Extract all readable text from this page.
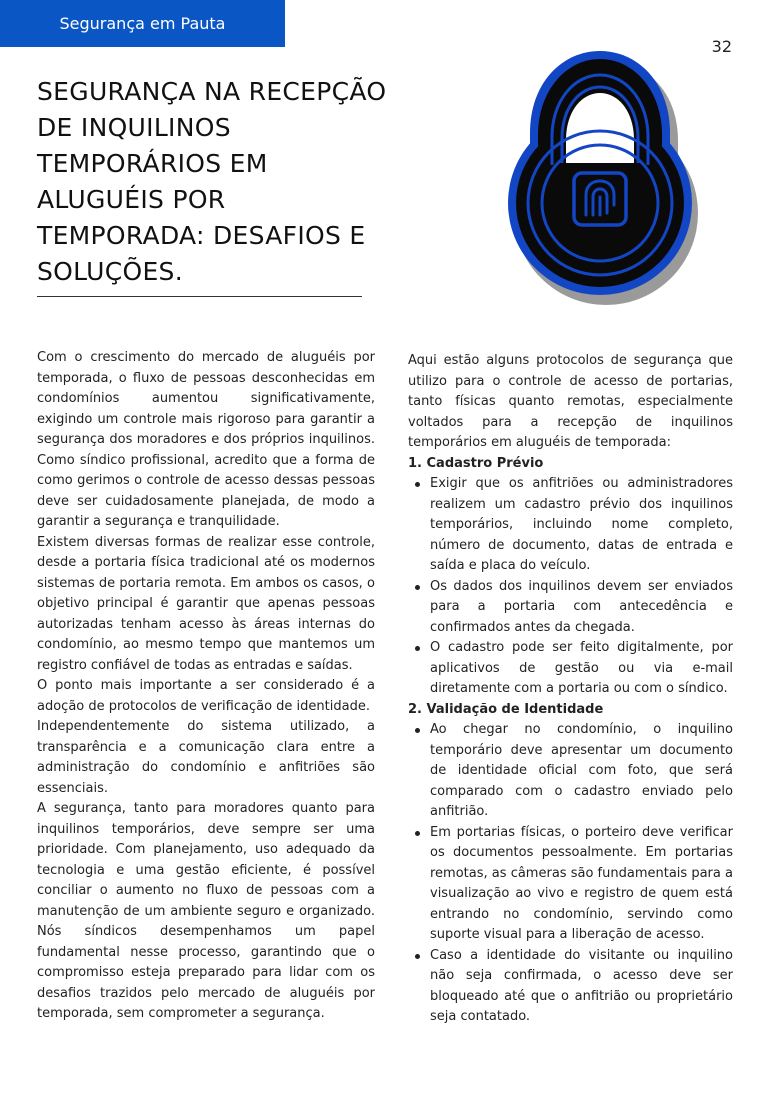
Segurança em Pauta
32
SEGURANÇA NA RECEPÇÃO DE INQUILINOS TEMPORÁRIOS EM ALUGUÉIS POR TEMPORADA: DESAFIOS E SOLUÇÕES.

Com o crescimento do mercado de aluguéis por temporada, o fluxo de pessoas desconhecidas em condomínios aumentou significativamente, exigindo um controle mais rigoroso para garantir a segurança dos moradores e dos próprios inquilinos. Como síndico profissional, acredito que a forma de como gerimos o controle de acesso dessas pessoas deve ser cuidadosamente planejada, de modo a garantir a segurança e tranquilidade.

Existem diversas formas de realizar esse controle, desde a portaria física tradicional até os modernos sistemas de portaria remota. Em ambos os casos, o objetivo principal é garantir que apenas pessoas autorizadas tenham acesso às áreas internas do condomínio, ao mesmo tempo que mantemos um registro confiável de todas as entradas e saídas.

O ponto mais importante a ser considerado é a adoção de protocolos de verificação de identidade.

Independentemente do sistema utilizado, a transparência e a comunicação clara entre a administração do condomínio e anfitriões são essenciais.

A segurança, tanto para moradores quanto para inquilinos temporários, deve sempre ser uma prioridade. Com planejamento, uso adequado da tecnologia e uma gestão eficiente, é possível conciliar o aumento no fluxo de pessoas com a manutenção de um ambiente seguro e organizado. Nós síndicos desempenhamos um papel fundamental nesse processo, garantindo que o compromisso esteja preparado para lidar com os desafios trazidos pelo mercado de aluguéis por temporada, sem comprometer a segurança.

Aqui estão alguns protocolos de segurança que utilizo para o controle de acesso de portarias, tanto físicas quanto remotas, especialmente voltados para a recepção de inquilinos temporários em aluguéis de temporada:

1. Cadastro Prévio
Exigir que os anfitriões ou administradores realizem um cadastro prévio dos inquilinos temporários, incluindo nome completo, número de documento, datas de entrada e saída e placa do veículo.
Os dados dos inquilinos devem ser enviados para a portaria com antecedência e confirmados antes da chegada.
O cadastro pode ser feito digitalmente, por aplicativos de gestão ou via e-mail diretamente com a portaria ou com o síndico.
2. Validação de Identidade
Ao chegar no condomínio, o inquilino temporário deve apresentar um documento de identidade oficial com foto, que será comparado com o cadastro enviado pelo anfitrião.
Em portarias físicas, o porteiro deve verificar os documentos pessoalmente. Em portarias remotas, as câmeras são fundamentais para a visualização ao vivo e registro de quem está entrando no condomínio, servindo como suporte visual para a liberação de acesso.
Caso a identidade do visitante ou inquilino não seja confirmada, o acesso deve ser bloqueado até que o anfitrião ou proprietário seja contatado.
